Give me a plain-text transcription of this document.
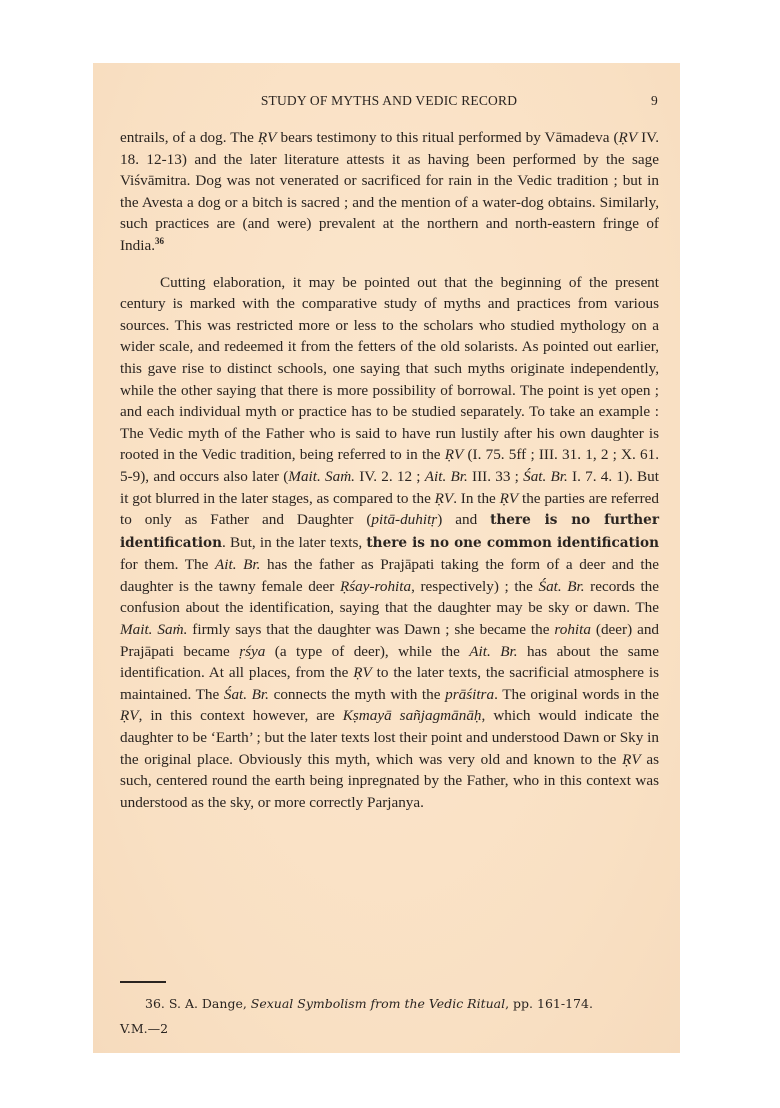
STUDY OF MYTHS AND VEDIC RECORD	9

entrails, of a dog. The ṚV bears testimony to this ritual performed by Vāmadeva (ṚV IV. 18. 12-13) and the later literature attests it as having been performed by the sage Viśvāmitra. Dog was not venerated or sacrificed for rain in the Vedic tradition ; but in the Avesta a dog or a bitch is sacred ; and the mention of a water-dog obtains. Similarly, such practices are (and were) prevalent at the northern and north-eastern fringe of India.$^{36}$

Cutting elaboration, it may be pointed out that the beginning of the present century is marked with the comparative study of myths and practices from various sources. This was restricted more or less to the scholars who studied mythology on a wider scale, and redeemed it from the fetters of the old solarists. As pointed out earlier, this gave rise to distinct schools, one saying that such myths originate independently, while the other saying that there is more possibility of borrowal. The point is yet open ; and each individual myth or practice has to be studied separately. To take an example : The Vedic myth of the Father who is said to have run lustily after his own daughter is rooted in the Vedic tradition, being referred to in the ṚV (I. 75. 5ff ; III. 31. 1, 2 ; X. 61. 5-9), and occurs also later (Mait. Saṁ. IV. 2. 12 ; Ait. Br. III. 33 ; Śat. Br. I. 7. 4. 1). But it got blurred in the later stages, as compared to the ṚV. In the ṚV the parties are referred to only as Father and Daughter (pitā-duhitṛ) and there is no further identification. But, in the later texts, there is no one common identification for them. The Ait. Br. has the father as Prajāpati taking the form of a deer and the daughter is the tawny female deer Ṛśay-rohita, respectively) ; the Śat. Br. records the confusion about the identification, saying that the daughter may be sky or dawn. The Mait. Saṁ. firmly says that the daughter was Dawn ; she became the rohita (deer) and Prajāpati became ṛśya (a type of deer), while the Ait. Br. has about the same identification. At all places, from the ṚV to the later texts, the sacrificial atmosphere is maintained. The Śat. Br. connects the myth with the prāśitra. The original words in the ṚV, in this context however, are Kṣmayā sañjagmānāḥ, which would indicate the daughter to be ‘Earth’ ; but the later texts lost their point and understood Dawn or Sky in the original place. Obviously this myth, which was very old and known to the ṚV as such, centered round the earth being inpregnated by the Father, who in this context was understood as the sky, or more correctly Parjanya.

36. S. A. Dange, Sexual Symbolism from the Vedic Ritual, pp. 161-174.
V.M.—2
